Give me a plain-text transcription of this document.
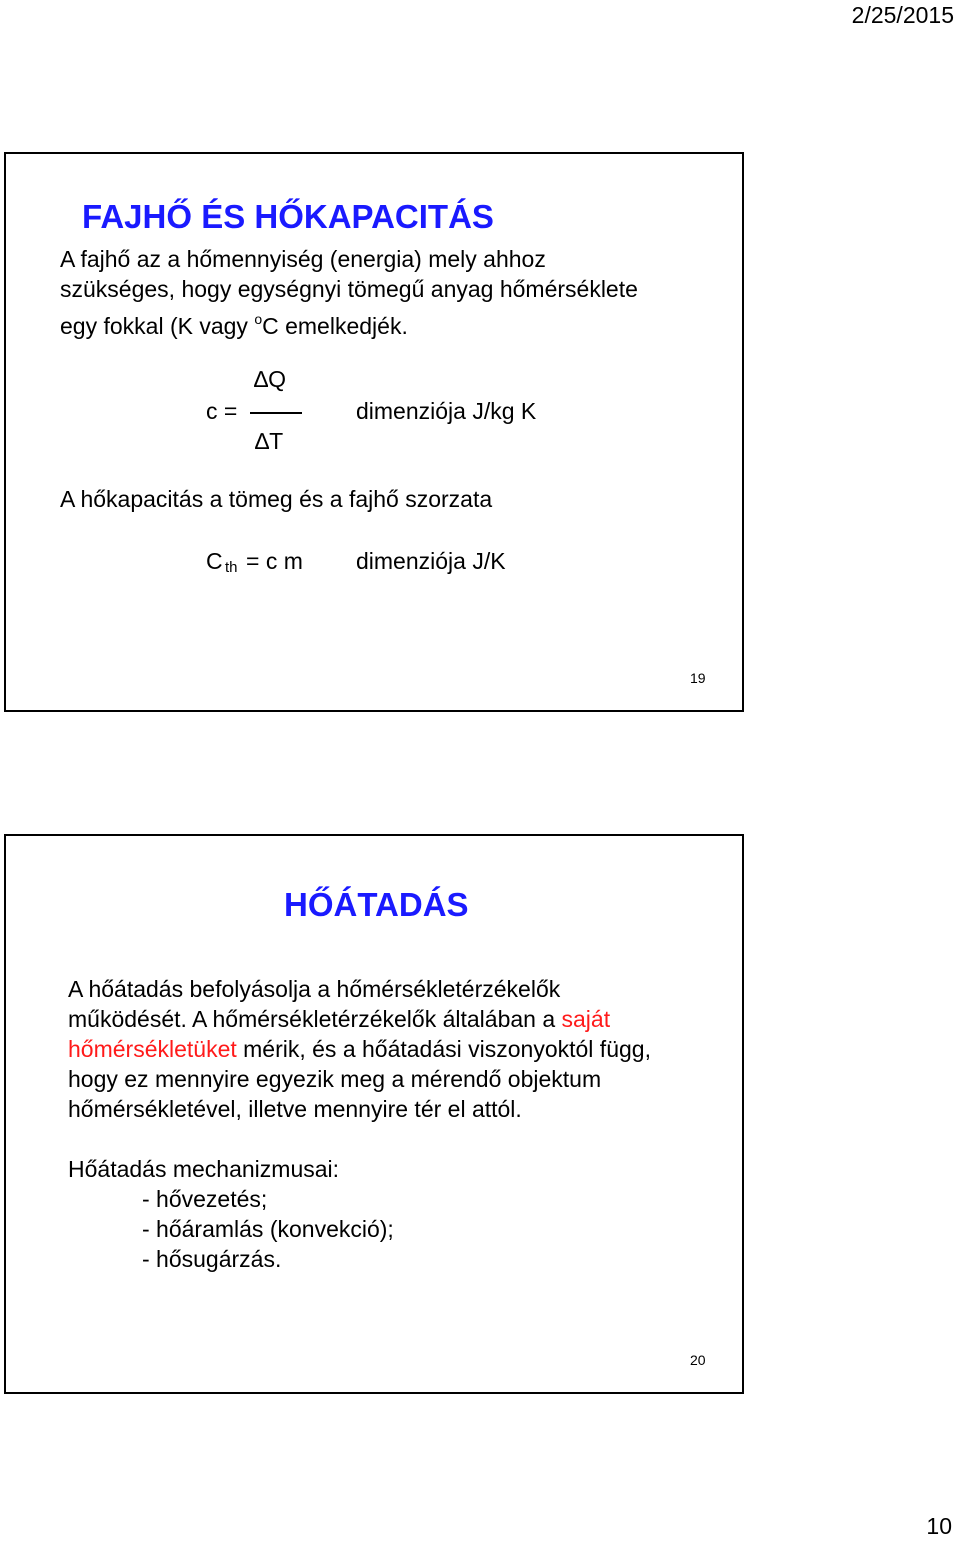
2/25/2015
FAJHŐ ÉS HŐKAPACITÁS

A fajhő az a hőmennyiség (energia) mely ahhoz
szükséges, hogy egységnyi tömegű anyag hőmérséklete
egy fokkal (K vagy $^o$C emelkedjék.

c =
∆Q
∆T
dimenziója J/kg K
A hőkapacitás a tömeg és a fajhő szorzata
C th = c m dimenziója J/K
19
HŐÁTADÁS

A hőátadás befolyásolja a hőmérsékletérzékelők
működését. A hőmérsékletérzékelők általában a saját
hőmérsékletüket mérik, és a hőátadási viszonyoktól függ,
hogy ez mennyire egyezik meg a mérendő objektum
hőmérsékletével, illetve mennyire tér el attól.

Hőátadás mechanizmusai:
- hővezetés;
- hőáramlás (konvekció);
- hősugárzás.
20
10
